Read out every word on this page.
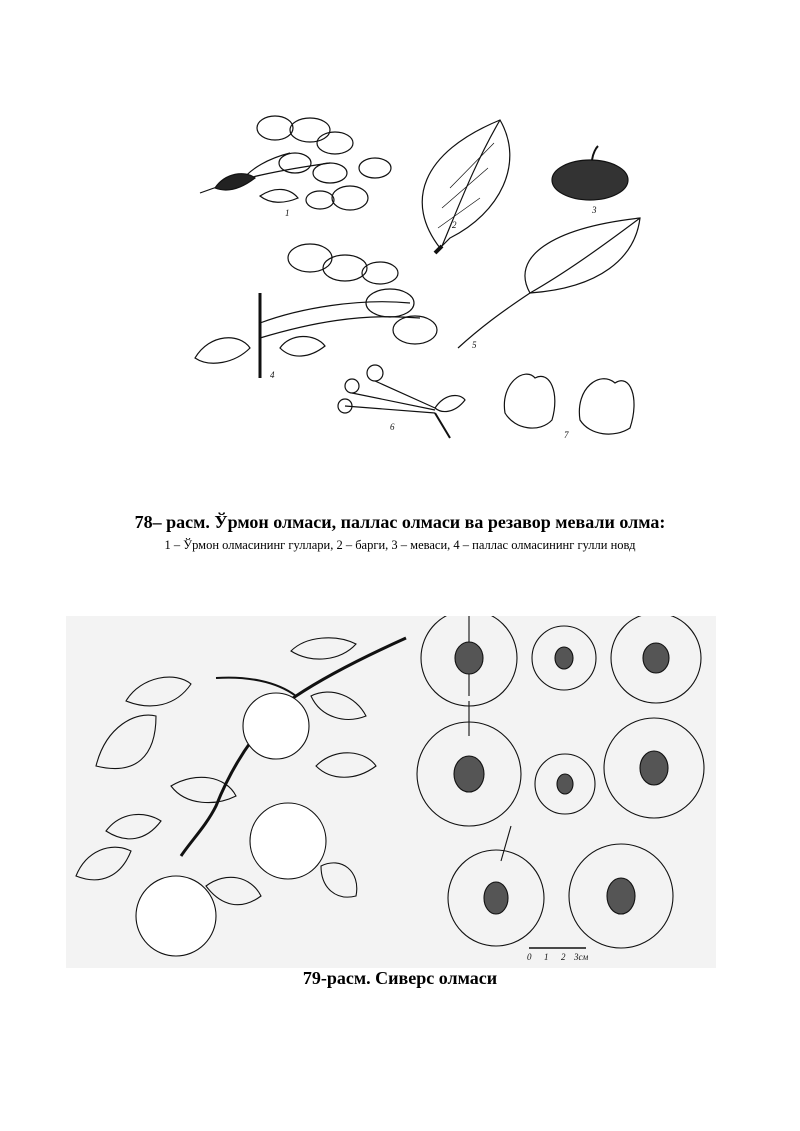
1
2
3
4
5
6
7
78– расм. Ўрмон олмаси, паллас олмаси ва резавор мевали олма:
1 – Ўрмон олмасининг гуллари, 2 – барги, 3 – меваси, 4 – паллас олмасининг гулли новд
0 1 2 3см
79-расм. Сиверс олмаси
